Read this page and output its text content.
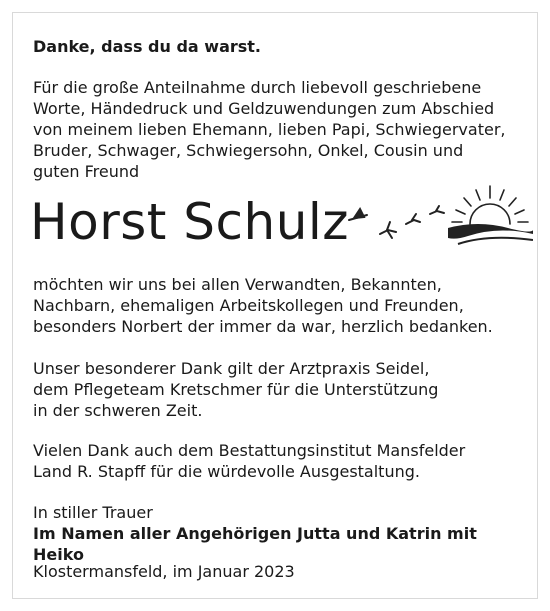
Danke, dass du da warst.
Für die große Anteilnahme durch liebevoll geschriebene
Worte, Händedruck und Geldzuwendungen zum Abschied
von meinem lieben Ehemann, lieben Papi, Schwiegervater,
Bruder, Schwager, Schwiegersohn, Onkel, Cousin und
guten Freund
Horst Schulz
möchten wir uns bei allen Verwandten, Bekannten,
Nachbarn, ehemaligen Arbeitskollegen und Freunden,
besonders Norbert der immer da war, herzlich bedanken.
Unser besonderer Dank gilt der Arztpraxis Seidel,
dem Pflegeteam Kretschmer für die Unterstützung
in der schweren Zeit.
Vielen Dank auch dem Bestattungsinstitut Mansfelder
Land R. Stapff für die würdevolle Ausgestaltung.
In stiller Trauer
Im Namen aller Angehörigen Jutta und Katrin mit Heiko
Klostermansfeld, im Januar 2023
